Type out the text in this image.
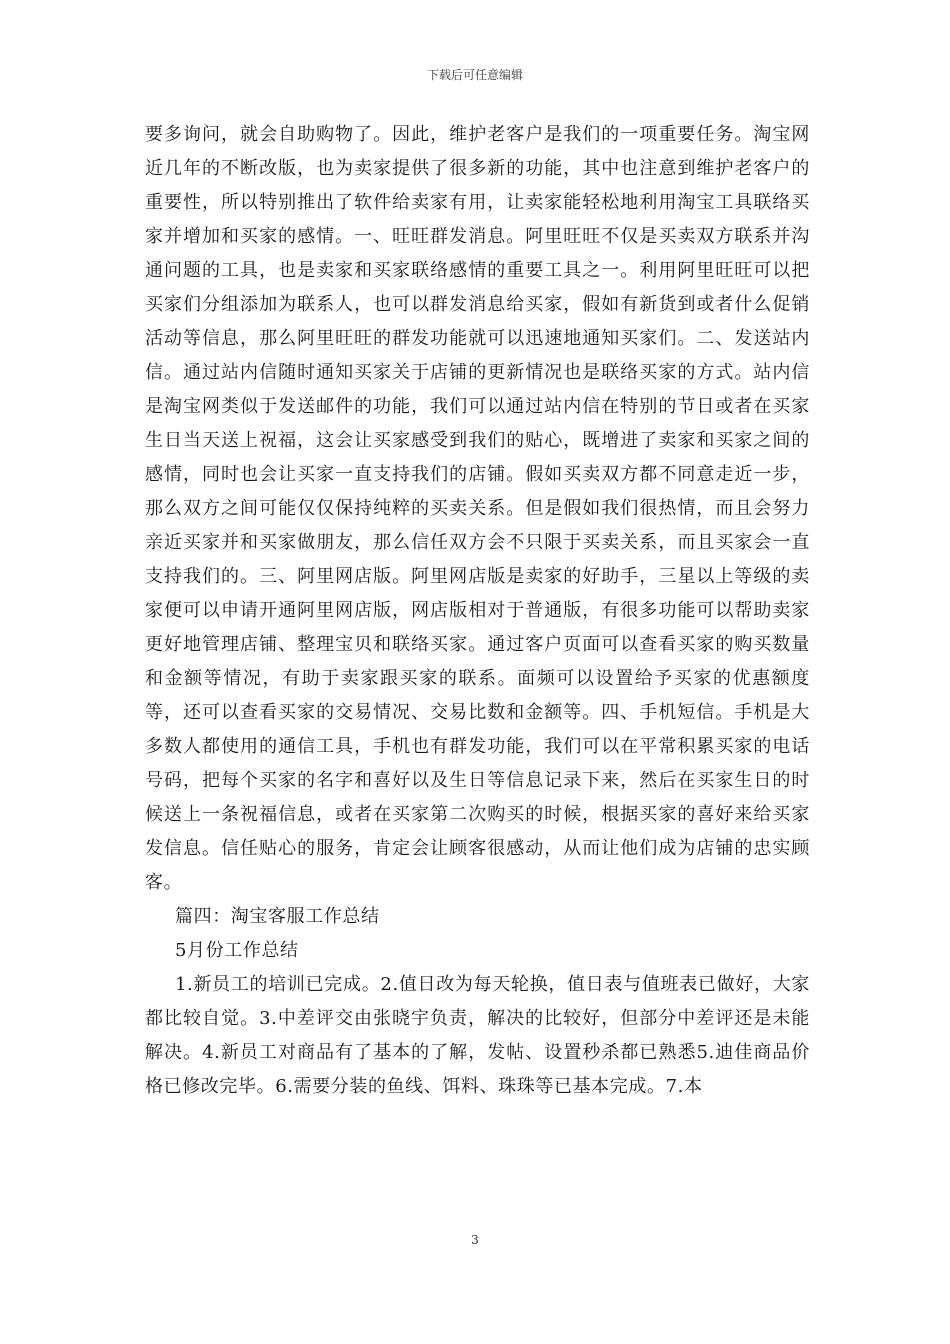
下载后可任意编辑

要多询问，就会自助购物了。因此，维护老客户是我们的一项重要任务。淘宝网近几年的不断改版，也为卖家提供了很多新的功能，其中也注意到维护老客户的重要性，所以特别推出了软件给卖家有用，让卖家能轻松地利用淘宝工具联络买家并增加和买家的感情。一、旺旺群发消息。阿里旺旺不仅是买卖双方联系并沟通问题的工具，也是卖家和买家联络感情的重要工具之一。利用阿里旺旺可以把买家们分组添加为联系人，也可以群发消息给买家，假如有新货到或者什么促销活动等信息，那么阿里旺旺的群发功能就可以迅速地通知买家们。二、发送站内信。通过站内信随时通知买家关于店铺的更新情况也是联络买家的方式。站内信是淘宝网类似于发送邮件的功能，我们可以通过站内信在特别的节日或者在买家生日当天送上祝福，这会让买家感受到我们的贴心，既增进了卖家和买家之间的感情，同时也会让买家一直支持我们的店铺。假如买卖双方都不同意走近一步，那么双方之间可能仅仅保持纯粹的买卖关系。但是假如我们很热情，而且会努力亲近买家并和买家做朋友，那么信任双方会不只限于买卖关系，而且买家会一直支持我们的。三、阿里网店版。阿里网店版是卖家的好助手，三星以上等级的卖家便可以申请开通阿里网店版，网店版相对于普通版，有很多功能可以帮助卖家更好地管理店铺、整理宝贝和联络买家。通过客户页面可以查看买家的购买数量和金额等情况，有助于卖家跟买家的联系。面频可以设置给予买家的优惠额度等，还可以查看买家的交易情况、交易比数和金额等。四、手机短信。手机是大多数人都使用的通信工具，手机也有群发功能，我们可以在平常积累买家的电话号码，把每个买家的名字和喜好以及生日等信息记录下来，然后在买家生日的时候送上一条祝福信息，或者在买家第二次购买的时候，根据买家的喜好来给买家发信息。信任贴心的服务，肯定会让顾客很感动，从而让他们成为店铺的忠实顾客。

篇四：淘宝客服工作总结

5月份工作总结

1.新员工的培训已完成。2.值日改为每天轮换，值日表与值班表已做好，大家都比较自觉。3.中差评交由张晓宇负责，解决的比较好，但部分中差评还是未能解决。4.新员工对商品有了基本的了解，发帖、设置秒杀都已熟悉5.迪佳商品价格已修改完毕。6.需要分装的鱼线、饵料、珠珠等已基本完成。7.本

3
